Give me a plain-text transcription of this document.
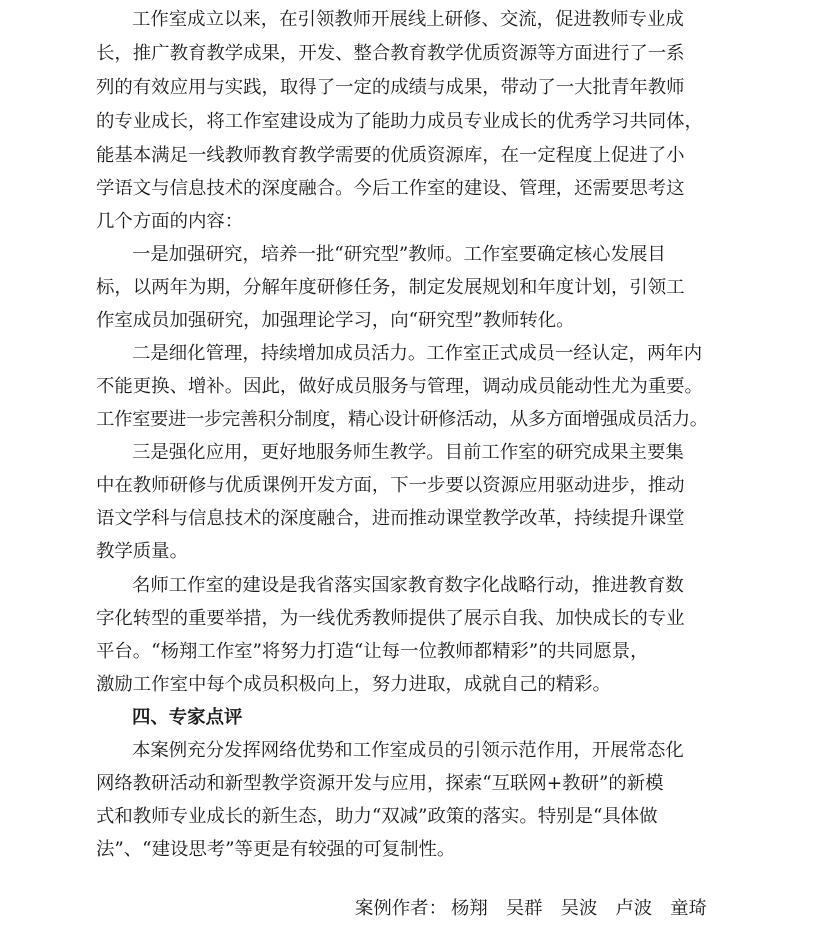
工作室成立以来，在引领教师开展线上研修、交流，促进教师专业成
长，推广教育教学成果，开发、整合教育教学优质资源等方面进行了一系
列的有效应用与实践，取得了一定的成绩与成果，带动了一大批青年教师
的专业成长，将工作室建设成为了能助力成员专业成长的优秀学习共同体，
能基本满足一线教师教育教学需要的优质资源库，在一定程度上促进了小
学语文与信息技术的深度融合。今后工作室的建设、管理，还需要思考这
几个方面的内容：
一是加强研究，培养一批“研究型”教师。工作室要确定核心发展目
标，以两年为期，分解年度研修任务，制定发展规划和年度计划，引领工
作室成员加强研究，加强理论学习，向“研究型”教师转化。
二是细化管理，持续增加成员活力。工作室正式成员一经认定，两年内
不能更换、增补。因此，做好成员服务与管理，调动成员能动性尤为重要。
工作室要进一步完善积分制度，精心设计研修活动，从多方面增强成员活力。
三是强化应用，更好地服务师生教学。目前工作室的研究成果主要集
中在教师研修与优质课例开发方面，下一步要以资源应用驱动进步，推动
语文学科与信息技术的深度融合，进而推动课堂教学改革，持续提升课堂
教学质量。
名师工作室的建设是我省落实国家教育数字化战略行动，推进教育数
字化转型的重要举措，为一线优秀教师提供了展示自我、加快成长的专业
平台。“杨翔工作室”将努力打造“让每一位教师都精彩”的共同愿景，
激励工作室中每个成员积极向上，努力进取，成就自己的精彩。
四、专家点评
本案例充分发挥网络优势和工作室成员的引领示范作用，开展常态化
网络教研活动和新型教学资源开发与应用，探索“互联网+教研”的新模
式和教师专业成长的新生态，助力“双减”政策的落实。特别是“具体做
法”、“建设思考”等更是有较强的可复制性。
案例作者： 杨翔 吴群 吴波 卢波 童琦
